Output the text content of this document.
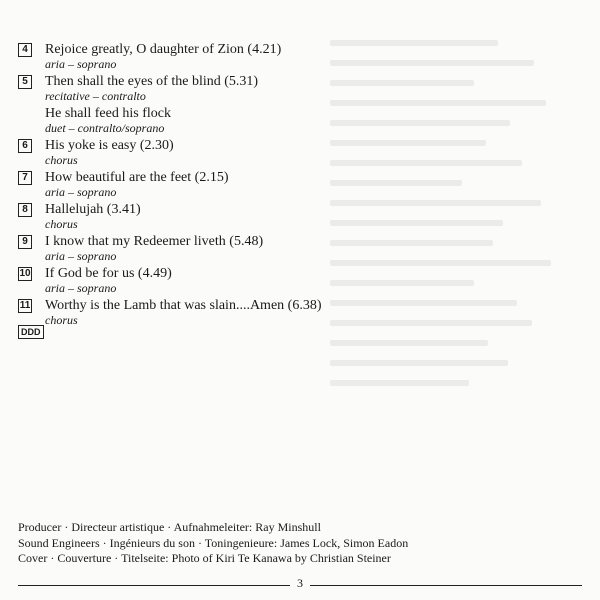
4	Rejoice greatly, O daughter of Zion (4.21)
aria – soprano
5	Then shall the eyes of the blind (5.31)
recitative – contralto
He shall feed his flock
duet – contralto/soprano
6	His yoke is easy (2.30)
chorus
7	How beautiful are the feet (2.15)
aria – soprano
8	Hallelujah (3.41)
chorus
9	I know that my Redeemer liveth (5.48)
aria – soprano
10 If God be for us (4.49)
aria – soprano
11 Worthy is the Lamb that was slain....Amen (6.38)
chorus
DDD
Producer · Directeur artistique · Aufnahmeleiter: Ray Minshull
Sound Engineers · Ingénieurs du son · Toningenieure: James Lock, Simon Eadon
Cover · Couverture · Titelseite: Photo of Kiri Te Kanawa by Christian Steiner
3
